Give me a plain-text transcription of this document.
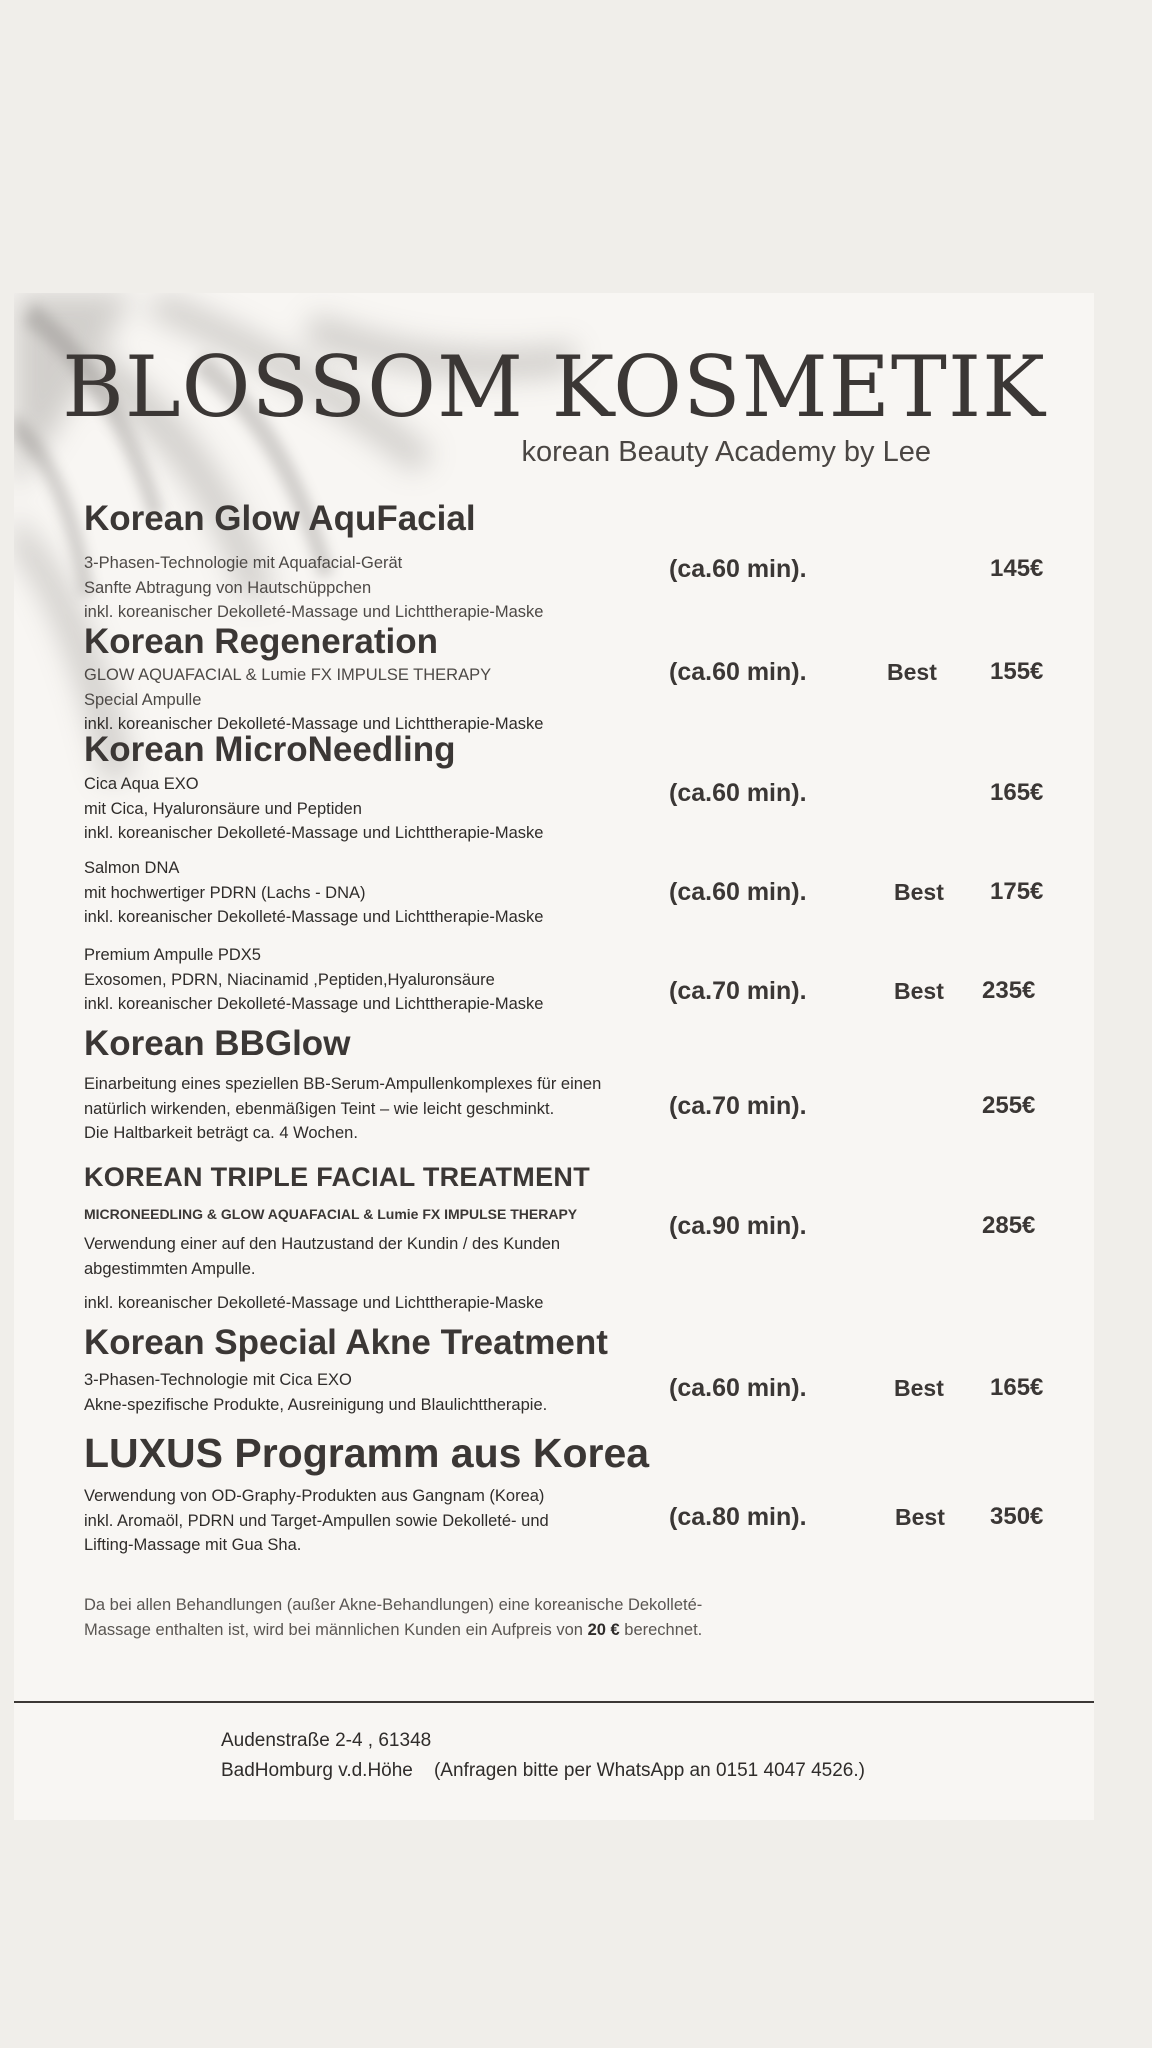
BLOSSOM KOSMETIK

korean Beauty Academy by Lee

Korean Glow AquFacial

3-Phasen-Technologie mit Aquafacial-Gerät
Sanfte Abtragung von Hautschüppchen
inkl. koreanischer Dekolleté-Massage und Lichttherapie-Maske

(ca.60 min).	145€
Korean Regeneration

GLOW AQUAFACIAL & Lumie FX IMPULSE THERAPY
Special Ampulle
inkl. koreanischer Dekolleté-Massage und Lichttherapie-Maske

(ca.60 min).	Best 155€
Korean MicroNeedling

Cica Aqua EXO
mit Cica, Hyaluronsäure und Peptiden
inkl. koreanischer Dekolleté-Massage und Lichttherapie-Maske

(ca.60 min).	165€

Salmon DNA
mit hochwertiger PDRN (Lachs - DNA)
inkl. koreanischer Dekolleté-Massage und Lichttherapie-Maske

(ca.60 min).	Best 175€

Premium Ampulle PDX5
Exosomen, PDRN, Niacinamid ,Peptiden,Hyaluronsäure
inkl. koreanischer Dekolleté-Massage und Lichttherapie-Maske	(ca.70 min).	Best 235€
Korean BBGlow

Einarbeitung eines speziellen BB-Serum-Ampullenkomplexes für einen
natürlich wirkenden, ebenmäßigen Teint – wie leicht geschminkt.
Die Haltbarkeit beträgt ca. 4 Wochen.

(ca.70 min).	255€
KOREAN TRIPLE FACIAL TREATMENT

MICRONEEDLING & GLOW AQUAFACIAL & Lumie FX IMPULSE THERAPY

Verwendung einer auf den Hautzustand der Kundin / des Kunden
abgestimmten Ampulle.

inkl. koreanischer Dekolleté-Massage und Lichttherapie-Maske

(ca.90 min).	285€
Korean Special Akne Treatment

3-Phasen-Technologie mit Cica EXO
Akne-spezifische Produkte, Ausreinigung und Blaulichttherapie.

(ca.60 min).	Best 165€
LUXUS Programm aus Korea

Verwendung von OD-Graphy-Produkten aus Gangnam (Korea)
inkl. Aromaöl, PDRN und Target-Ampullen sowie Dekolleté- und
Lifting-Massage mit Gua Sha.

(ca.80 min).	Best 350€

Da bei allen Behandlungen (außer Akne-Behandlungen) eine koreanische Dekolleté-
Massage enthalten ist, wird bei männlichen Kunden ein Aufpreis von 20 € berechnet.

Audenstraße 2-4 , 61348
BadHomburg v.d.Höhe    (Anfragen bitte per WhatsApp an 0151 4047 4526.)
